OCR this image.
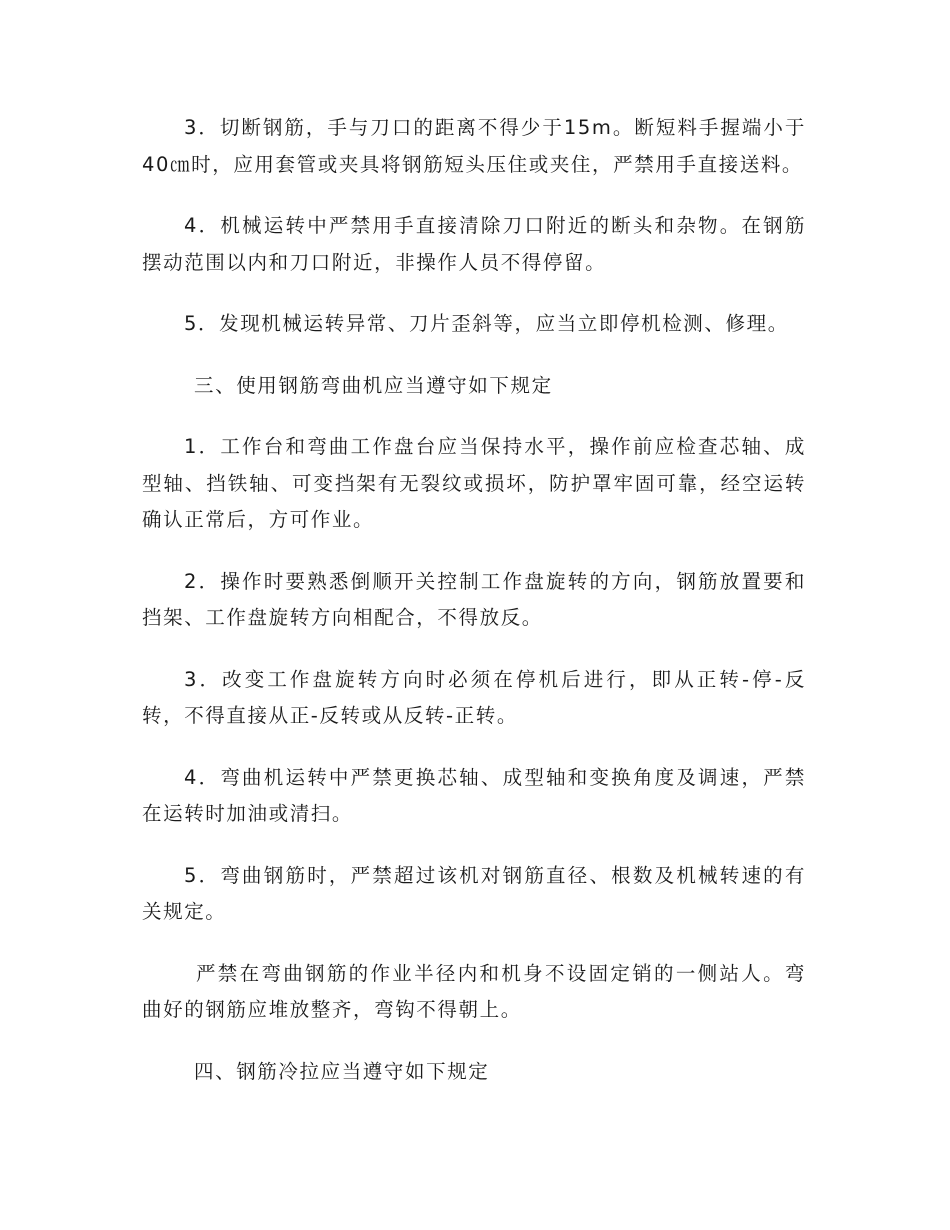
3．切断钢筋，手与刀口的距离不得少于15m。断短料手握端小于40㎝时，应用套管或夹具将钢筋短头压住或夹住，严禁用手直接送料。

4．机械运转中严禁用手直接清除刀口附近的断头和杂物。在钢筋摆动范围以内和刀口附近，非操作人员不得停留。

5．发现机械运转异常、刀片歪斜等，应当立即停机检测、修理。

三、使用钢筋弯曲机应当遵守如下规定

1．工作台和弯曲工作盘台应当保持水平，操作前应检查芯轴、成型轴、挡铁轴、可变挡架有无裂纹或损坏，防护罩牢固可靠，经空运转确认正常后，方可作业。

2．操作时要熟悉倒顺开关控制工作盘旋转的方向，钢筋放置要和挡架、工作盘旋转方向相配合，不得放反。

3．改变工作盘旋转方向时必须在停机后进行，即从正转-停-反转，不得直接从正-反转或从反转-正转。

4．弯曲机运转中严禁更换芯轴、成型轴和变换角度及调速，严禁在运转时加油或清扫。

5．弯曲钢筋时，严禁超过该机对钢筋直径、根数及机械转速的有关规定。

严禁在弯曲钢筋的作业半径内和机身不设固定销的一侧站人。弯曲好的钢筋应堆放整齐，弯钩不得朝上。

四、钢筋冷拉应当遵守如下规定
